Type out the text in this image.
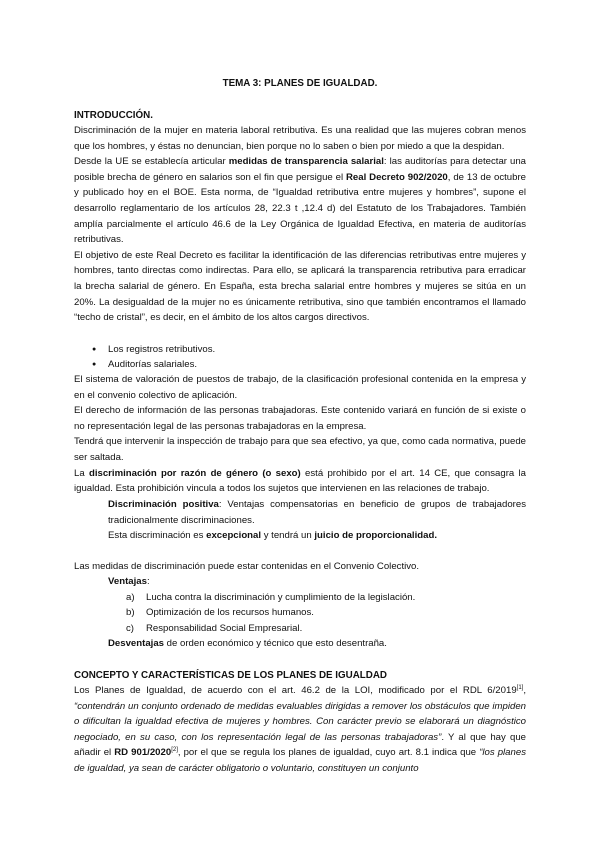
TEMA 3: PLANES DE IGUALDAD.
INTRODUCCIÓN.

Discriminación de la mujer en materia laboral retributiva. Es una realidad que las mujeres cobran menos que los hombres, y éstas no denuncian, bien porque no lo saben o bien por miedo a que la despidan.

Desde la UE se establecía articular medidas de transparencia salarial: las auditorías para detectar una posible brecha de género en salarios son el fin que persigue el Real Decreto 902/2020, de 13 de octubre y publicado hoy en el BOE. Esta norma, de “Igualdad retributiva entre mujeres y hombres”, supone el desarrollo reglamentario de los artículos 28, 22.3 t ,12.4 d) del Estatuto de los Trabajadores. También amplía parcialmente el artículo 46.6 de la Ley Orgánica de Igualdad Efectiva, en materia de auditorías retributivas.

El objetivo de este Real Decreto es facilitar la identificación de las diferencias retributivas entre mujeres y hombres, tanto directas como indirectas. Para ello, se aplicará la transparencia retributiva para erradicar la brecha salarial de género. En España, esta brecha salarial entre hombres y mujeres se sitúa en un 20%. La desigualdad de la mujer no es únicamente retributiva, sino que también encontramos el llamado “techo de cristal”, es decir, en el ámbito de los altos cargos directivos.

● Los registros retributivos.
● Auditorías salariales.

El sistema de valoración de puestos de trabajo, de la clasificación profesional contenida en la empresa y en el convenio colectivo de aplicación.

El derecho de información de las personas trabajadoras. Este contenido variará en función de si existe o no representación legal de las personas trabajadoras en la empresa.

Tendrá que intervenir la inspección de trabajo para que sea efectivo, ya que, como cada normativa, puede ser saltada.

La discriminación por razón de género (o sexo) está prohibido por el art. 14 CE, que consagra la igualdad. Esta prohibición vincula a todos los sujetos que intervienen en las relaciones de trabajo.

Discriminación positiva: Ventajas compensatorias en beneficio de grupos de trabajadores tradicionalmente discriminaciones.
Esta discriminación es excepcional y tendrá un juicio de proporcionalidad.
Las medidas de discriminación puede estar contenidas en el Convenio Colectivo.
Ventajas:
a) Lucha contra la discriminación y cumplimiento de la legislación.
b) Optimización de los recursos humanos.
c) Responsabilidad Social Empresarial.
Desventajas de orden económico y técnico que esto desentraña.
CONCEPTO Y CARACTERÍSTICAS DE LOS PLANES DE IGUALDAD
Los Planes de Igualdad, de acuerdo con el art. 46.2 de la LOI, modificado por el RDL 6/2019[1], “contendrán un conjunto ordenado de medidas evaluables dirigidas a remover los obstáculos que impiden o dificultan la igualdad efectiva de mujeres y hombres. Con carácter previo se elaborará un diagnóstico negociado, en su caso, con los representación legal de las personas trabajadoras”. Y al que hay que añadir el RD 901/2020[2], por el que se regula los planes de igualdad, cuyo art. 8.1 indica que “los planes de igualdad, ya sean de carácter obligatorio o voluntario, constituyen un conjunto
